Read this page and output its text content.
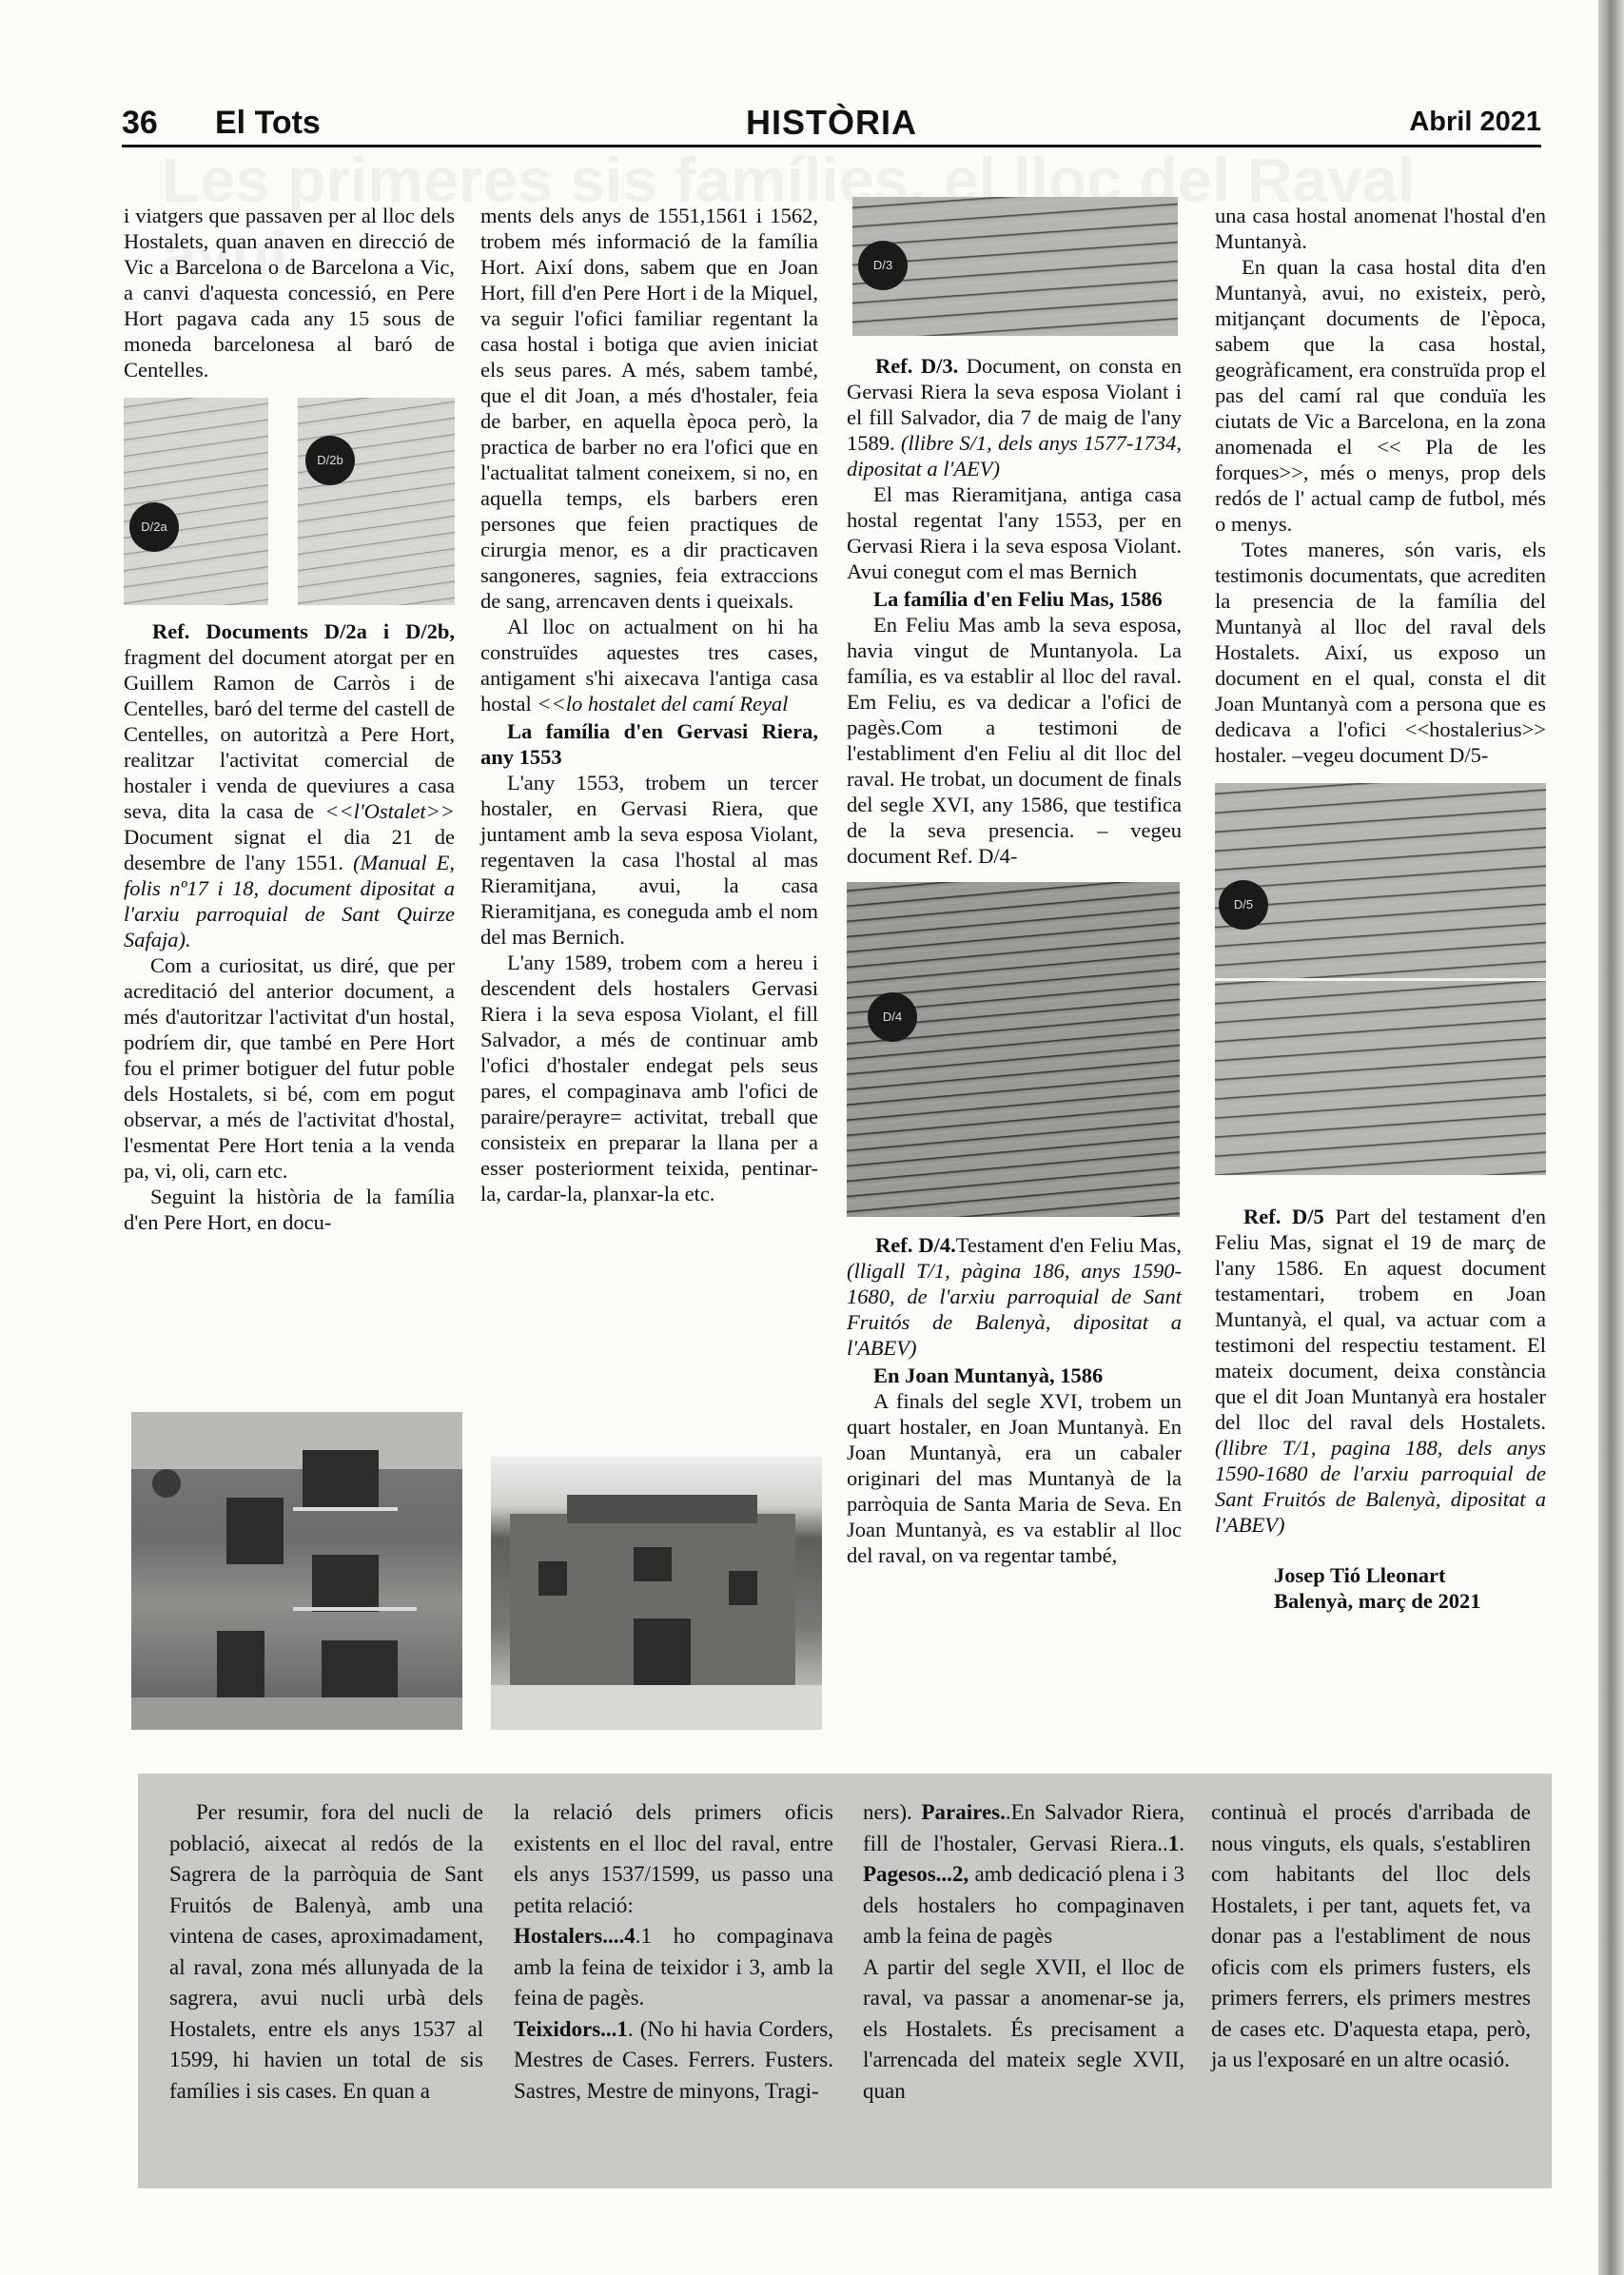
36 El Tots	HISTÒRIA	Abril 2021

i viatgers que passaven per al lloc dels Hostalets, quan anaven en direcció de Vic a Barcelona o de Barcelona a Vic, a canvi d'aquesta concessió, en Pere Hort pagava cada any 15 sous de moneda barcelonesa al baró de Centelles.

D/2a
D/2b

Ref. Documents D/2a i D/2b, fragment del document atorgat per en Guillem Ramon de Carròs i de Centelles, baró del terme del castell de Centelles, on autoritzà a Pere Hort, realitzar l'activitat comercial de hostaler i venda de queviures a casa seva, dita la casa de <<l'Ostalet>> Document signat el dia 21 de desembre de l'any 1551. (Manual E, folis nº17 i 18, document dipositat a l'arxiu parroquial de Sant Quirze Safaja).

Com a curiositat, us diré, que per acreditació del anterior document, a més d'autoritzar l'activitat d'un hostal, podríem dir, que també en Pere Hort fou el primer botiguer del futur poble dels Hostalets, si bé, com em pogut observar, a més de l'activitat d'hostal, l'esmentat Pere Hort tenia a la venda pa, vi, oli, carn etc.

Seguint la història de la família d'en Pere Hort, en docu-

ments dels anys de 1551,1561 i 1562, trobem més informació de la família Hort. Així dons, sabem que en Joan Hort, fill d'en Pere Hort i de la Miquel, va seguir l'ofici familiar regentant la casa hostal i botiga que avien iniciat els seus pares. A més, sabem també, que el dit Joan, a més d'hostaler, feia de barber, en aquella època però, la practica de barber no era l'ofici que en l'actualitat talment coneixem, si no, en aquella temps, els barbers eren persones que feien practiques de cirurgia menor, es a dir practicaven sangoneres, sagnies, feia extraccions de sang, arrencaven dents i queixals.

Al lloc on actualment on hi ha construïdes aquestes tres cases, antigament s'hi aixecava l'antiga casa hostal <<lo hostalet del camí Reyal

La família d'en Gervasi Riera, any 1553

L'any 1553, trobem un tercer hostaler, en Gervasi Riera, que juntament amb la seva esposa Violant, regentaven la casa l'hostal al mas Rieramitjana, avui, la casa Rieramitjana, es coneguda amb el nom del mas Bernich.

L'any 1589, trobem com a hereu i descendent dels hostalers Gervasi Riera i la seva esposa Violant, el fill Salvador, a més de continuar amb l'ofici d'hostaler endegat pels seus pares, el compaginava amb l'ofici de paraire/perayre= activitat, treball que consisteix en preparar la llana per a esser posteriorment teixida, pentinar-la, cardar-la, planxar-la etc.

D/3

Ref. D/3. Document, on consta en Gervasi Riera la seva esposa Violant i el fill Salvador, dia 7 de maig de l'any 1589. (llibre S/1, dels anys 1577-1734, dipositat a l'AEV)

El mas Rieramitjana, antiga casa hostal regentat l'any 1553, per en Gervasi Riera i la seva esposa Violant. Avui conegut com el mas Bernich

La família d'en Feliu Mas, 1586

En Feliu Mas amb la seva esposa, havia vingut de Muntanyola. La família, es va establir al lloc del raval. Em Feliu, es va dedicar a l'ofici de pagès.Com a testimoni de l'establiment d'en Feliu al dit lloc del raval. He trobat, un document de finals del segle XVI, any 1586, que testifica de la seva presencia. – vegeu document Ref. D/4-

D/4

Ref. D/4.Testament d'en Feliu Mas, (lligall T/1, pàgina 186, anys 1590-1680, de l'arxiu parroquial de Sant Fruitós de Balenyà, dipositat a l'ABEV)

En Joan Muntanyà, 1586

A finals del segle XVI, trobem un quart hostaler, en Joan Muntanyà. En Joan Muntanyà, era un cabaler originari del mas Muntanyà de la parròquia de Santa Maria de Seva. En Joan Muntanyà, es va establir al lloc del raval, on va regentar també,

una casa hostal anomenat l'hostal d'en Muntanyà.

En quan la casa hostal dita d'en Muntanyà, avui, no existeix, però, mitjançant documents de l'època, sabem que la casa hostal, geogràficament, era construïda prop el pas del camí ral que conduïa les ciutats de Vic a Barcelona, en la zona anomenada el << Pla de les forques>>, més o menys, prop dels redós de l' actual camp de futbol, més o menys.

Totes maneres, són varis, els testimonis documentats, que acrediten la presencia de la família del Muntanyà al lloc del raval dels Hostalets. Així, us exposo un document en el qual, consta el dit Joan Muntanyà com a persona que es dedicava a l'ofici <<hostalerius>> hostaler. –vegeu document D/5-

D/5

Ref. D/5 Part del testament d'en Feliu Mas, signat el 19 de març de l'any 1586. En aquest document testamentari, trobem en Joan Muntanyà, el qual, va actuar com a testimoni del respectiu testament. El mateix document, deixa constància que el dit Joan Muntanyà era hostaler del lloc del raval dels Hostalets. (llibre T/1, pagina 188, dels anys 1590-1680 de l'arxiu parroquial de Sant Fruitós de Balenyà, dipositat a l'ABEV)

Josep Tió Lleonart

Balenyà, març de 2021

Per resumir, fora del nucli de població, aixecat al redós de la Sagrera de la parròquia de Sant Fruitós de Balenyà, amb una vintena de cases, aproximadament, al raval, zona més allunyada de la sagrera, avui nucli urbà dels Hostalets, entre els anys 1537 al 1599, hi havien un total de sis famílies i sis cases. En quan a

la relació dels primers oficis existents en el lloc del raval, entre els anys 1537/1599, us passo una petita relació:

Hostalers....4.1 ho compaginava amb la feina de teixidor i 3, amb la feina de pagès.

Teixidors...1. (No hi havia Corders, Mestres de Cases. Ferrers. Fusters. Sastres, Mestre de minyons, Tragi-

ners). Paraires..En Salvador Riera, fill de l'hostaler, Gervasi Riera..1. Pagesos...2, amb dedicació plena i 3 dels hostalers ho compaginaven amb la feina de pagès

A partir del segle XVII, el lloc de raval, va passar a anomenar-se ja, els Hostalets. És precisament a l'arrencada del mateix segle XVII, quan

continuà el procés d'arribada de nous vinguts, els quals, s'establiren com habitants del lloc dels Hostalets, i per tant, aquets fet, va donar pas a l'establiment de nous oficis com els primers fusters, els primers ferrers, els primers mestres de cases etc. D'aquesta etapa, però, ja us l'exposaré en un altre ocasió.
